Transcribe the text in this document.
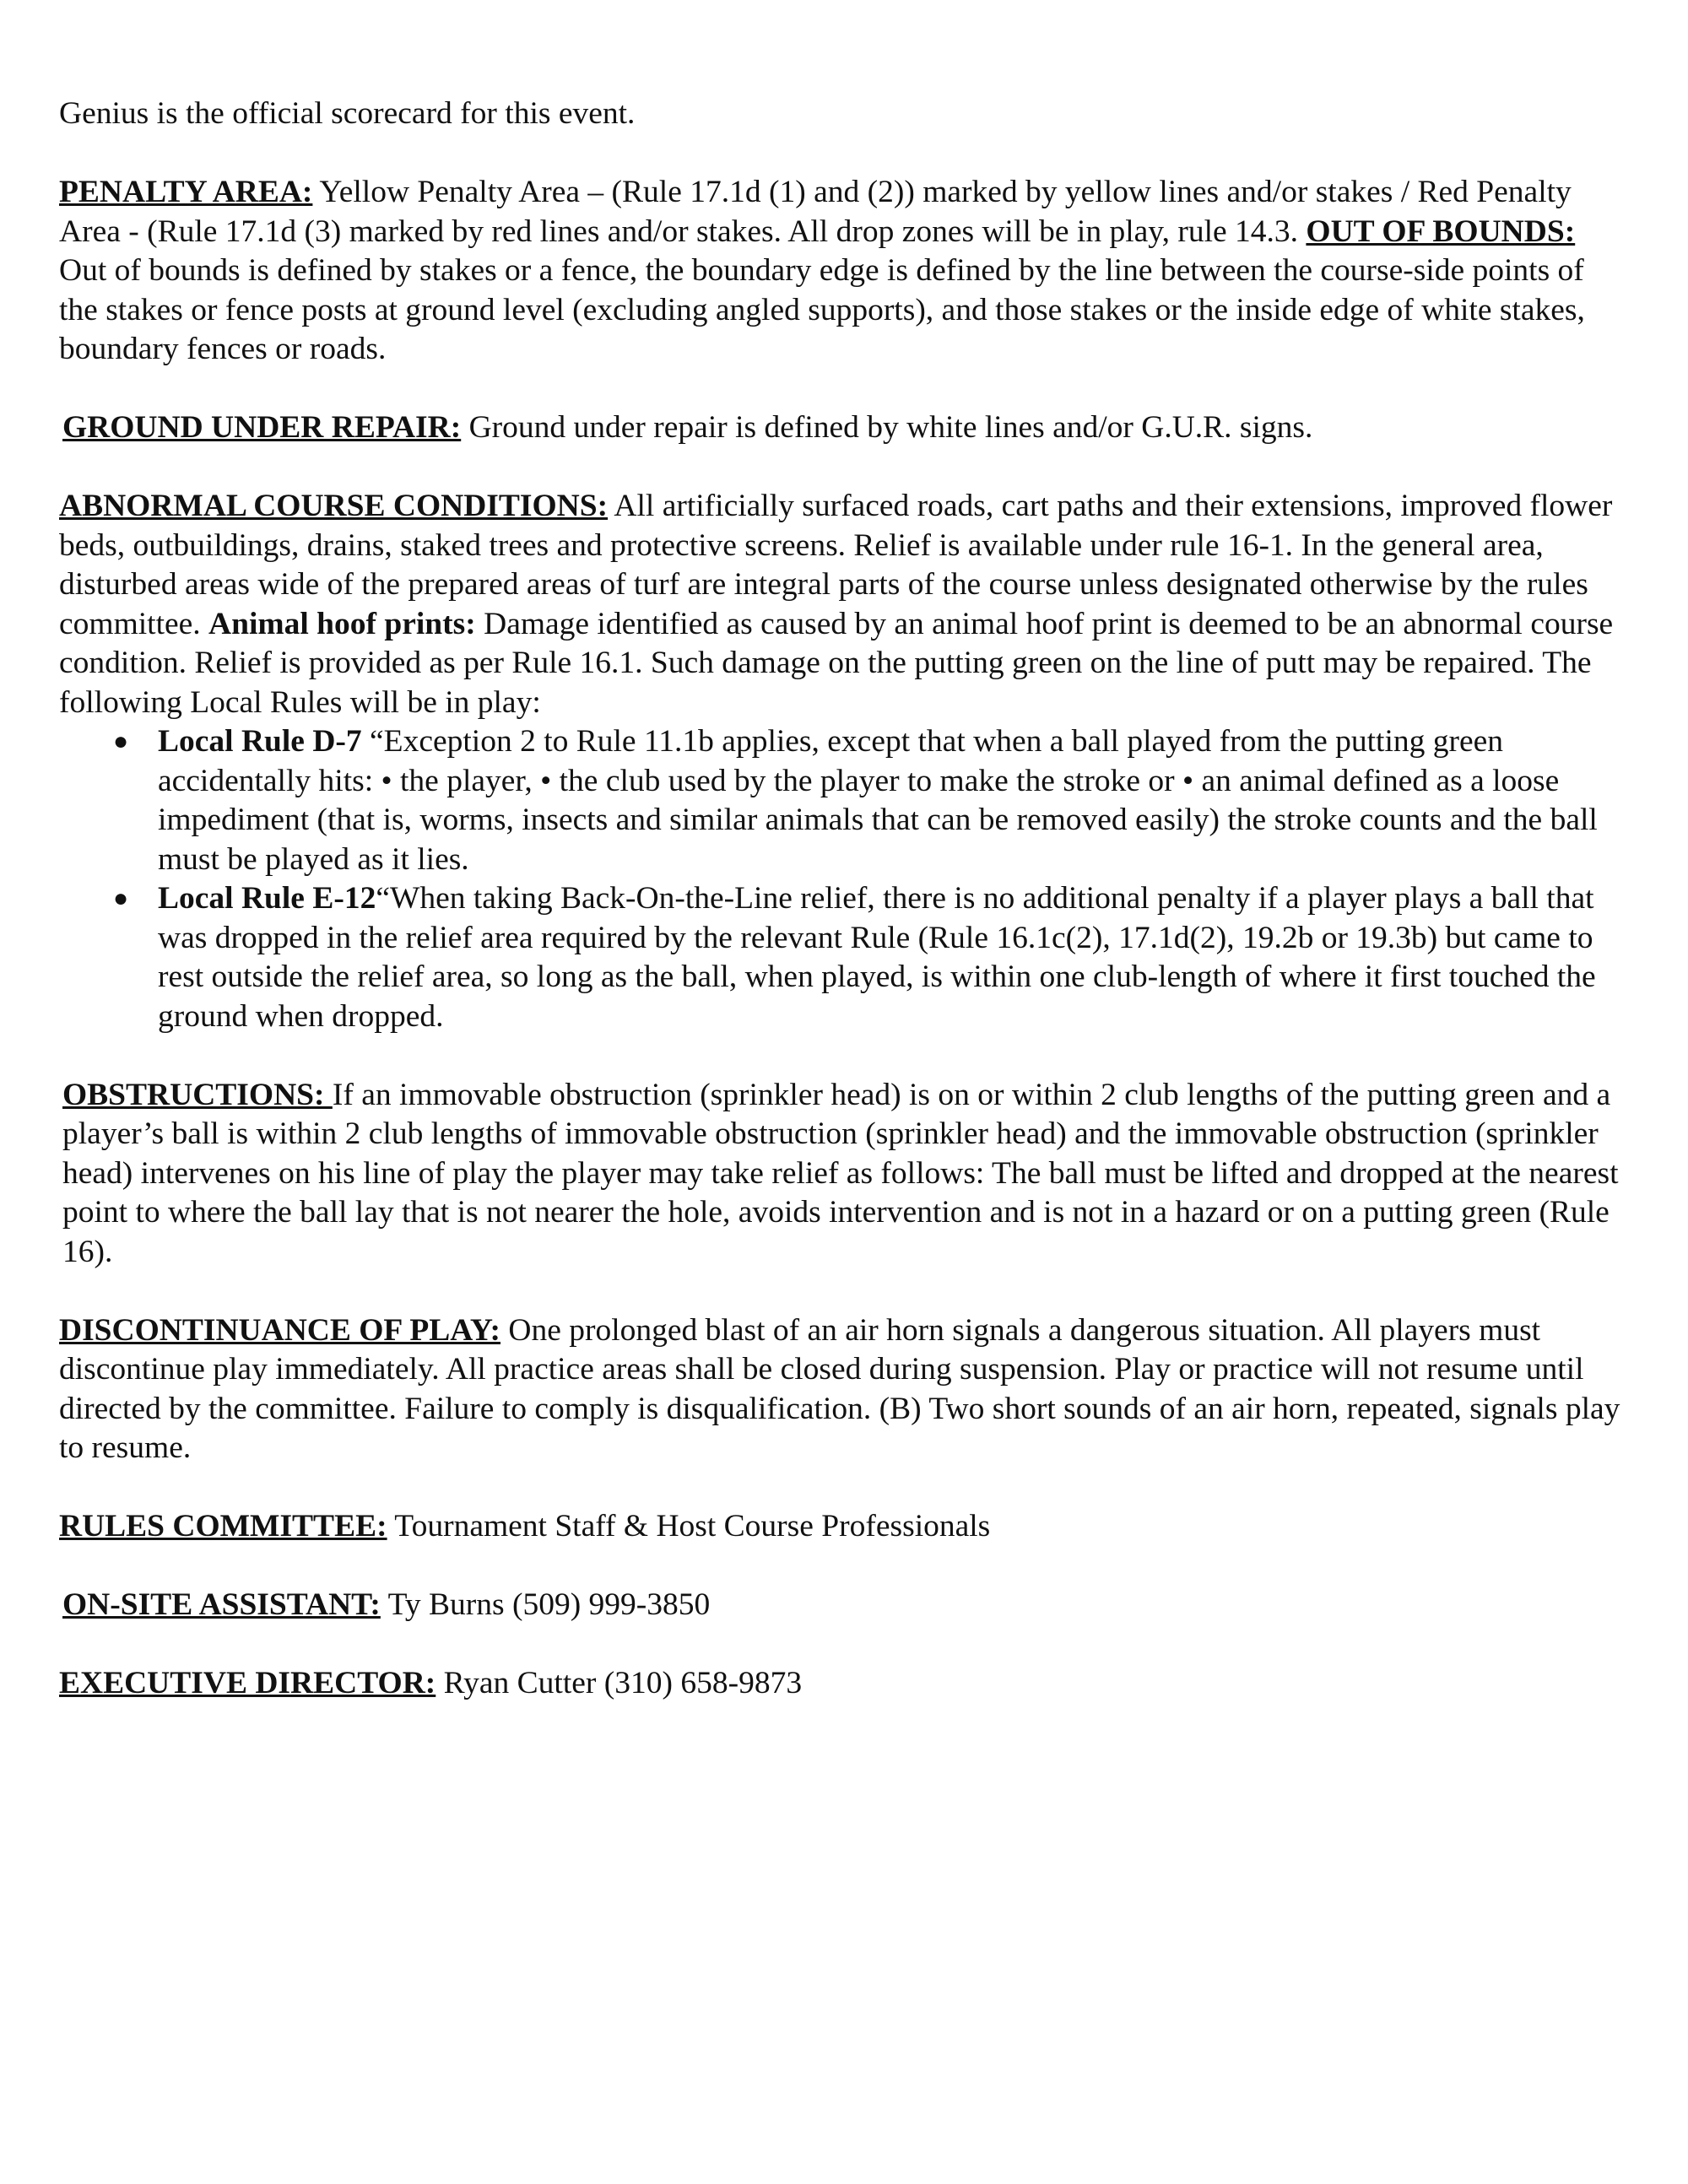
Genius is the official scorecard for this event.

PENALTY AREA: Yellow Penalty Area – (Rule 17.1d (1) and (2)) marked by yellow lines and/or stakes / Red Penalty Area - (Rule 17.1d (3) marked by red lines and/or stakes. All drop zones will be in play, rule 14.3. OUT OF BOUNDS: Out of bounds is defined by stakes or a fence, the boundary edge is defined by the line between the course-side points of the stakes or fence posts at ground level (excluding angled supports), and those stakes or the inside edge of white stakes, boundary fences or roads.

GROUND UNDER REPAIR: Ground under repair is defined by white lines and/or G.U.R. signs.

ABNORMAL COURSE CONDITIONS: All artificially surfaced roads, cart paths and their extensions, improved flower beds, outbuildings, drains, staked trees and protective screens. Relief is available under rule 16-1. In the general area, disturbed areas wide of the prepared areas of turf are integral parts of the course unless designated otherwise by the rules committee. Animal hoof prints: Damage identified as caused by an animal hoof print is deemed to be an abnormal course condition. Relief is provided as per Rule 16.1. Such damage on the putting green on the line of putt may be repaired. The following Local Rules will be in play:

● Local Rule D-7 “Exception 2 to Rule 11.1b applies, except that when a ball played from the putting green accidentally hits: • the player, • the club used by the player to make the stroke or • an animal defined as a loose impediment (that is, worms, insects and similar animals that can be removed easily) the stroke counts and the ball must be played as it lies.
● Local Rule E-12“When taking Back-On-the-Line relief, there is no additional penalty if a player plays a ball that was dropped in the relief area required by the relevant Rule (Rule 16.1c(2), 17.1d(2), 19.2b or 19.3b) but came to rest outside the relief area, so long as the ball, when played, is within one club-length of where it first touched the ground when dropped.

OBSTRUCTIONS: If an immovable obstruction (sprinkler head) is on or within 2 club lengths of the putting green and a player’s ball is within 2 club lengths of immovable obstruction (sprinkler head) and the immovable obstruction (sprinkler head) intervenes on his line of play the player may take relief as follows: The ball must be lifted and dropped at the nearest point to where the ball lay that is not nearer the hole, avoids intervention and is not in a hazard or on a putting green (Rule 16).

DISCONTINUANCE OF PLAY: One prolonged blast of an air horn signals a dangerous situation. All players must discontinue play immediately. All practice areas shall be closed during suspension. Play or practice will not resume until directed by the committee. Failure to comply is disqualification. (B) Two short sounds of an air horn, repeated, signals play to resume.

RULES COMMITTEE: Tournament Staff & Host Course Professionals

ON-SITE ASSISTANT: Ty Burns (509) 999-3850

EXECUTIVE DIRECTOR: Ryan Cutter (310) 658-9873
